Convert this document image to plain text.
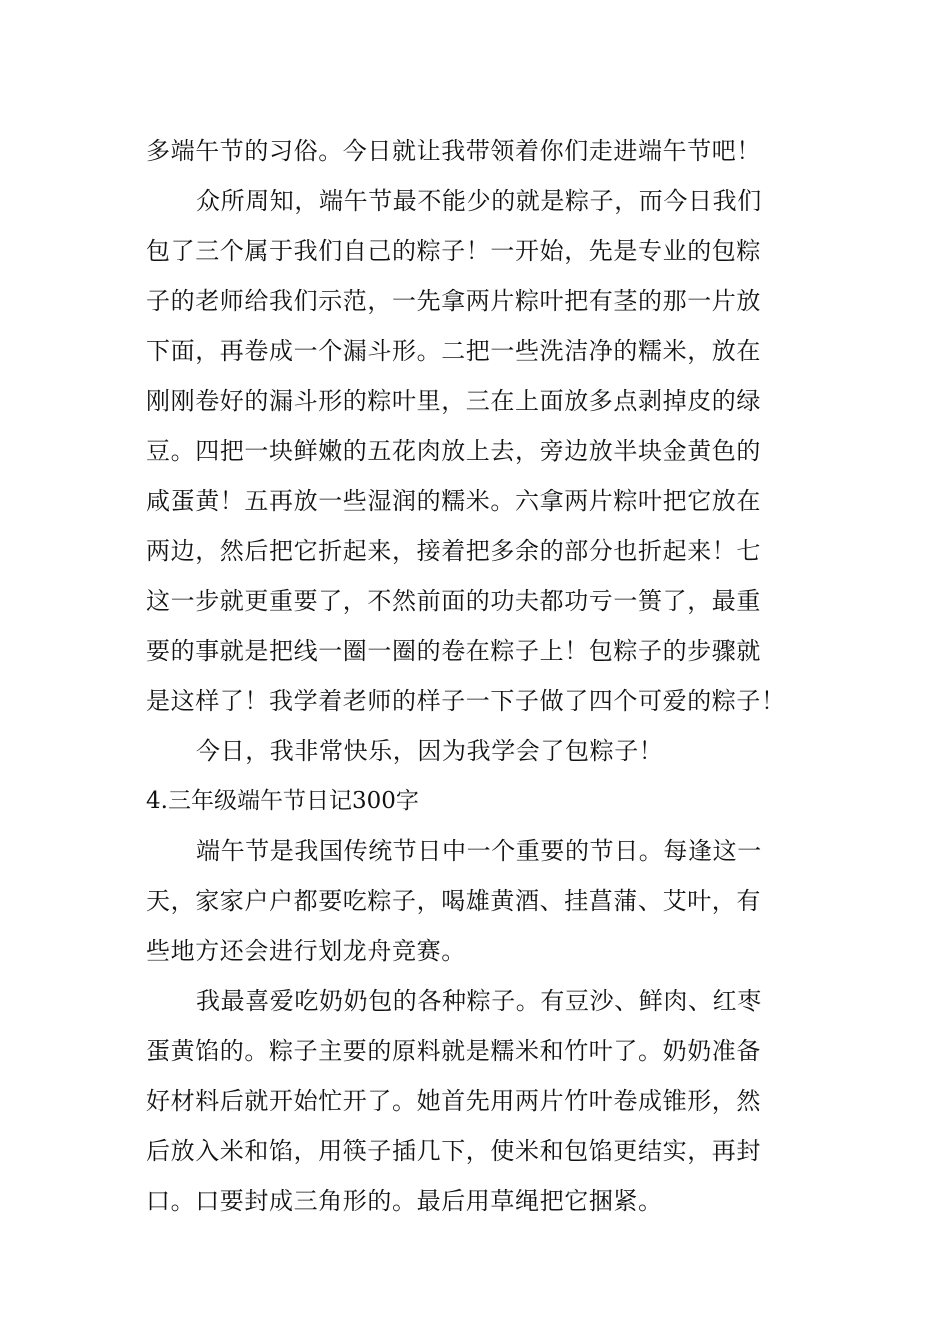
多端午节的习俗。今日就让我带领着你们走进端午节吧！
众所周知，端午节最不能少的就是粽子，而今日我们
包了三个属于我们自己的粽子！一开始，先是专业的包粽
子的老师给我们示范，一先拿两片粽叶把有茎的那一片放
下面，再卷成一个漏斗形。二把一些洗洁净的糯米，放在
刚刚卷好的漏斗形的粽叶里，三在上面放多点剥掉皮的绿
豆。四把一块鲜嫩的五花肉放上去，旁边放半块金黄色的
咸蛋黄！五再放一些湿润的糯米。六拿两片粽叶把它放在
两边，然后把它折起来，接着把多余的部分也折起来！七
这一步就更重要了，不然前面的功夫都功亏一篑了，最重
要的事就是把线一圈一圈的卷在粽子上！包粽子的步骤就
是这样了！我学着老师的样子一下子做了四个可爱的粽子！
今日，我非常快乐，因为我学会了包粽子！
4.三年级端午节日记300字
端午节是我国传统节日中一个重要的节日。每逢这一
天，家家户户都要吃粽子，喝雄黄酒、挂菖蒲、艾叶，有
些地方还会进行划龙舟竞赛。
我最喜爱吃奶奶包的各种粽子。有豆沙、鲜肉、红枣
蛋黄馅的。粽子主要的原料就是糯米和竹叶了。奶奶准备
好材料后就开始忙开了。她首先用两片竹叶卷成锥形，然
后放入米和馅，用筷子插几下，使米和包馅更结实，再封
口。口要封成三角形的。最后用草绳把它捆紧。
